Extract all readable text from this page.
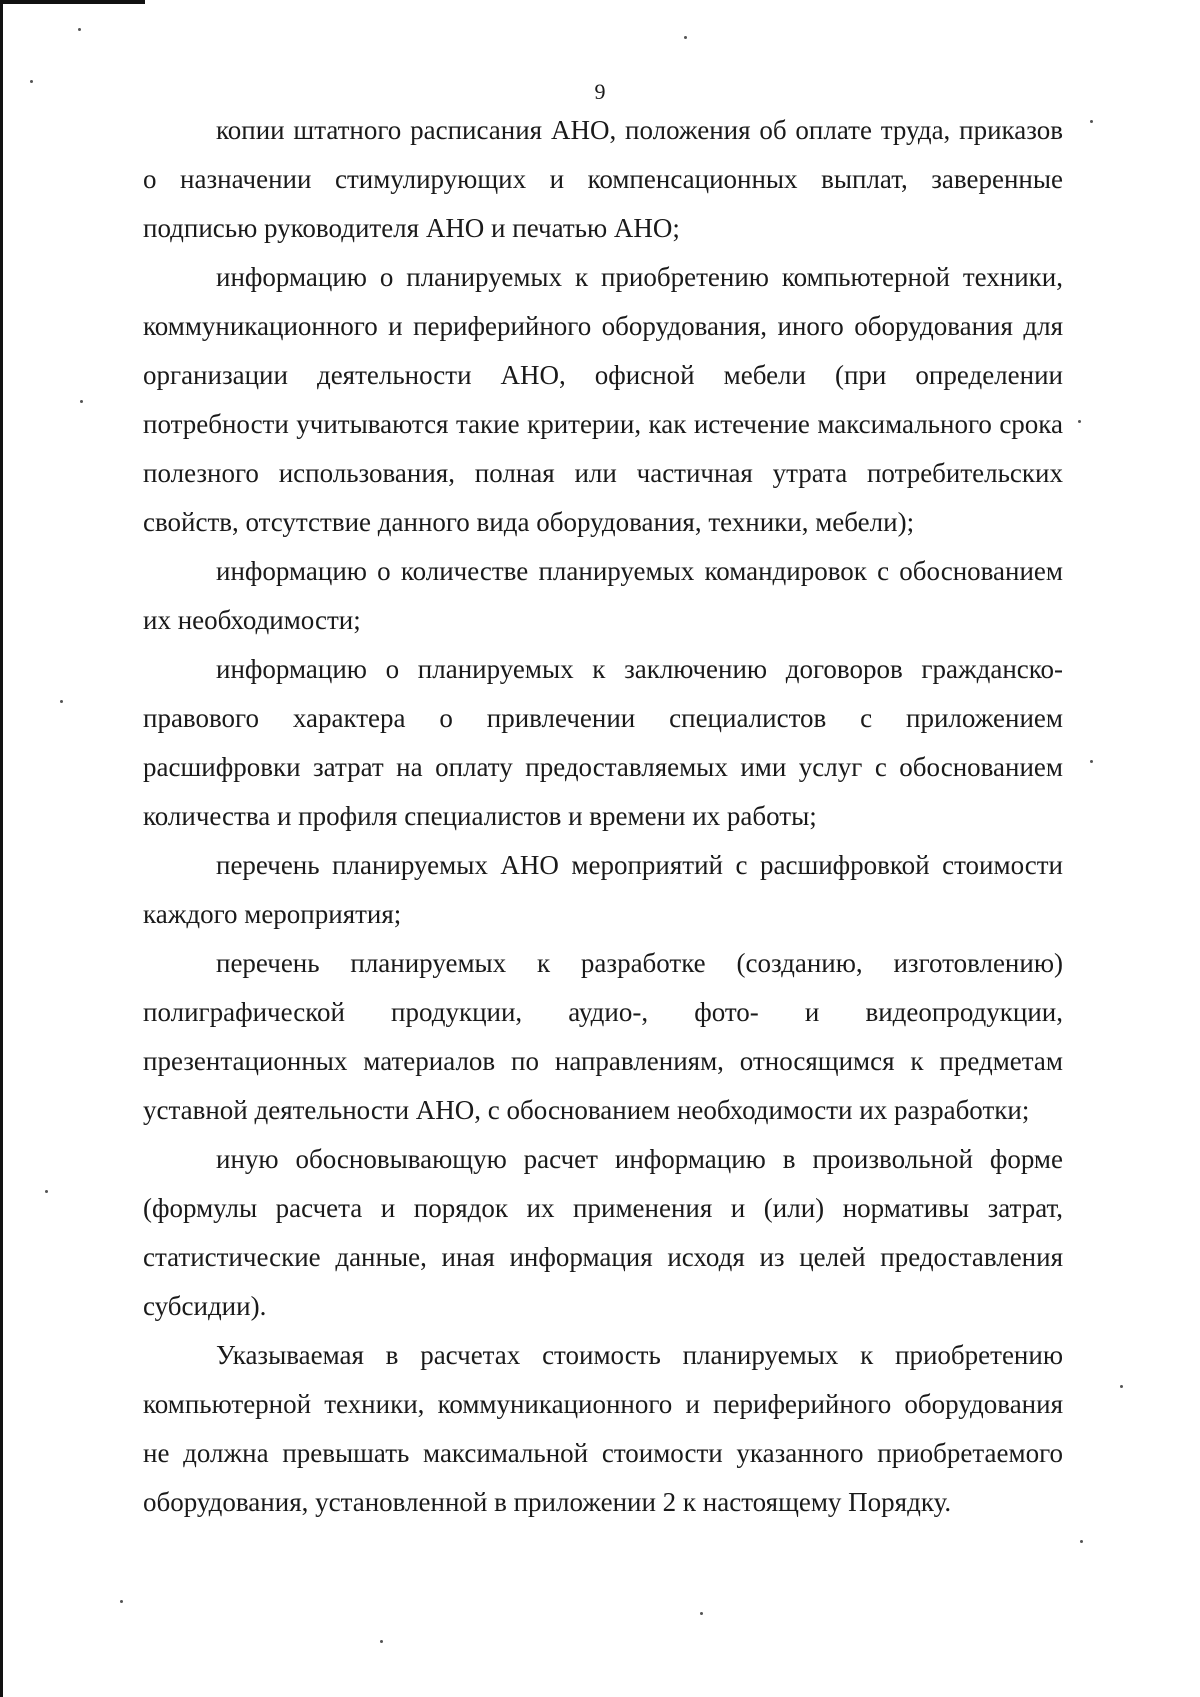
9

копии штатного расписания АНО, положения об оплате труда, приказов о назначении стимулирующих и компенсационных выплат, заверенные подписью руководителя АНО и печатью АНО;

информацию о планируемых к приобретению компьютерной техники, коммуникационного и периферийного оборудования, иного оборудования для организации деятельности АНО, офисной мебели (при определении потребности учитываются такие критерии, как истечение максимального срока полезного использования, полная или частичная утрата потребительских свойств, отсутствие данного вида оборудования, техники, мебели);

информацию о количестве планируемых командировок с обоснованием их необходимости;

информацию о планируемых к заключению договоров гражданско-правового характера о привлечении специалистов с приложением расшифровки затрат на оплату предоставляемых ими услуг с обоснованием количества и профиля специалистов и времени их работы;

перечень планируемых АНО мероприятий с расшифровкой стоимости каждого мероприятия;

перечень планируемых к разработке (созданию, изготовлению) полиграфической продукции, аудио-, фото- и видеопродукции, презентационных материалов по направлениям, относящимся к предметам уставной деятельности АНО, с обоснованием необходимости их разработки;

иную обосновывающую расчет информацию в произвольной форме (формулы расчета и порядок их применения и (или) нормативы затрат, статистические данные, иная информация исходя из целей предоставления субсидии).

Указываемая в расчетах стоимость планируемых к приобретению компьютерной техники, коммуникационного и периферийного оборудования не должна превышать максимальной стоимости указанного приобретаемого оборудования, установленной в приложении 2 к настоящему Порядку.
